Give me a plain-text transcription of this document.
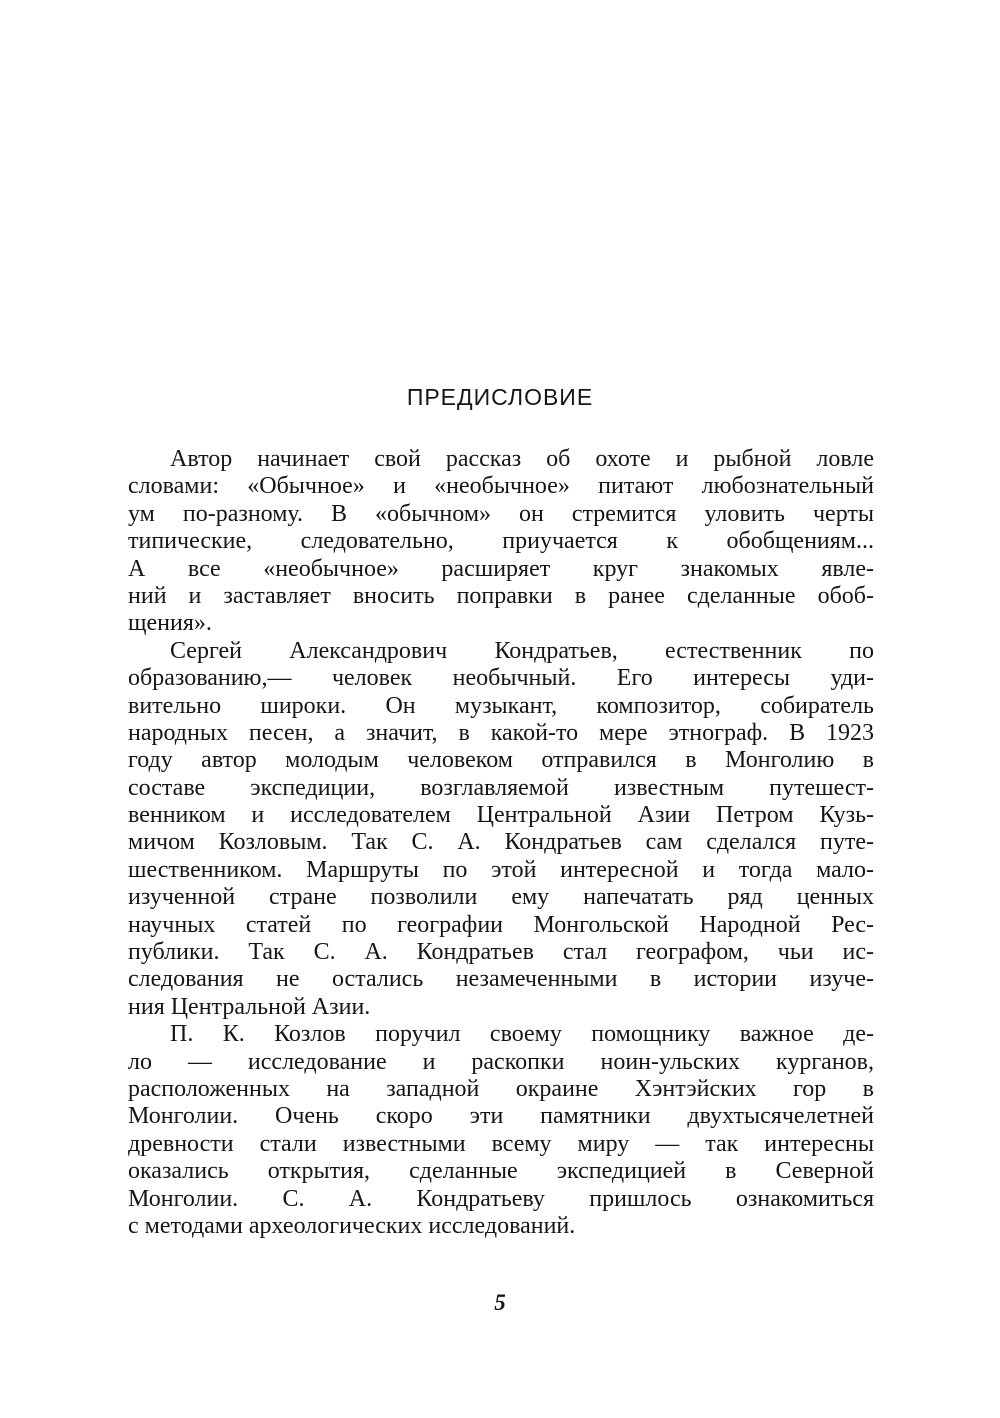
ПРЕДИСЛОВИЕ
Автор начинает свой рассказ об охоте и рыбной ловле
словами: «Обычное» и «необычное» питают любознательный
ум по-разному. В «обычном» он стремится уловить черты
типические, следовательно, приучается к обобщениям...
А все «необычное» расширяет круг знакомых явле-
ний и заставляет вносить поправки в ранее сделанные обоб-
щения».
Сергей Александрович Кондратьев, естественник по
образованию,— человек необычный. Его интересы уди-
вительно широки. Он музыкант, композитор, собиратель
народных песен, а значит, в какой-то мере этнограф. В 1923
году автор молодым человеком отправился в Монголию в
составе экспедиции, возглавляемой известным путешест-
венником и исследователем Центральной Азии Петром Кузь-
мичом Козловым. Так С. А. Кондратьев сам сделался путе-
шественником. Маршруты по этой интересной и тогда мало-
изученной стране позволили ему напечатать ряд ценных
научных статей по географии Монгольской Народной Рес-
публики. Так С. А. Кондратьев стал географом, чьи ис-
следования не остались незамеченными в истории изуче-
ния Центральной Азии.
П. К. Козлов поручил своему помощнику важное де-
ло — исследование и раскопки ноин-ульских курганов,
расположенных на западной окраине Хэнтэйских гор в
Монголии. Очень скоро эти памятники двухтысячелетней
древности стали известными всему миру — так интересны
оказались открытия, сделанные экспедицией в Северной
Монголии. С. А. Кондратьеву пришлось ознакомиться
с методами археологических исследований.
5
